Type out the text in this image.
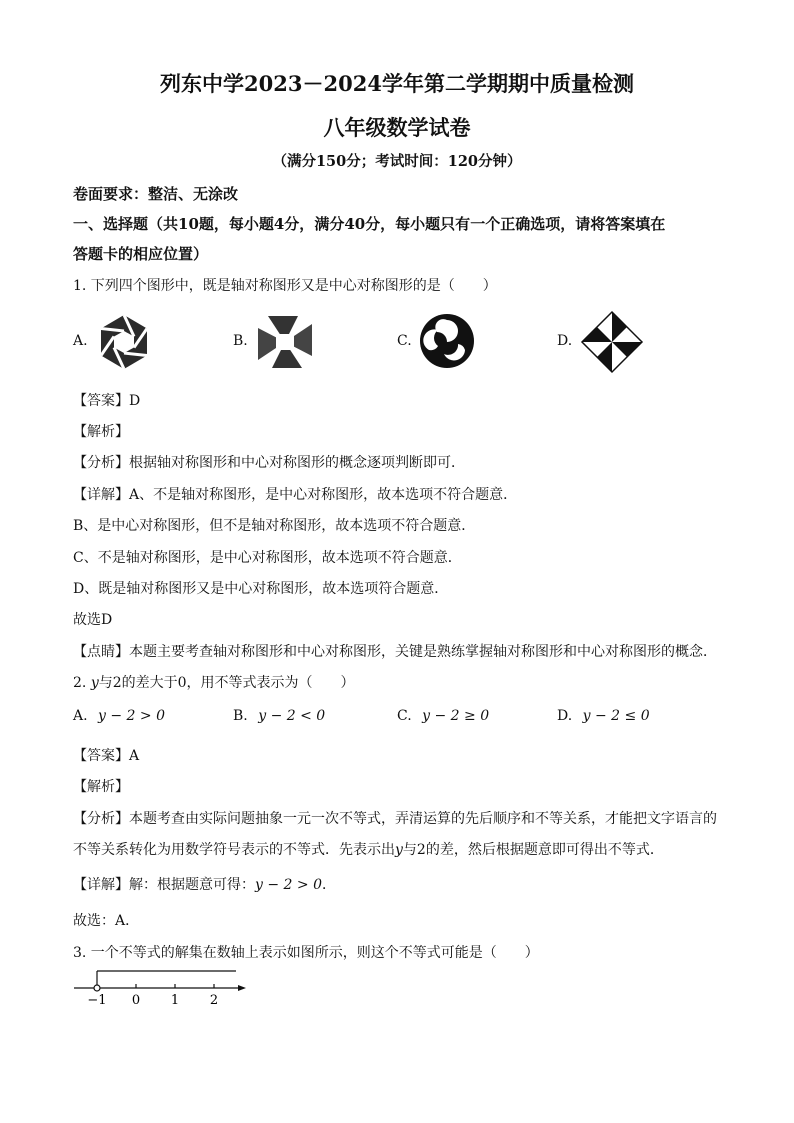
列东中学2023－2024学年第二学期期中质量检测
八年级数学试卷
（满分150分；考试时间：120分钟）
卷面要求：整洁、无涂改
一、选择题（共10题，每小题4分，满分40分，每小题只有一个正确选项，请将答案填在
答题卡的相应位置）
1. 下列四个图形中，既是轴对称图形又是中心对称图形的是（　　）
A.	B.	C.	D.
【答案】D
【解析】
【分析】根据轴对称图形和中心对称图形的概念逐项判断即可．
【详解】A、不是轴对称图形，是中心对称图形，故本选项不符合题意．
B、是中心对称图形，但不是轴对称图形，故本选项不符合题意．
C、不是轴对称图形，是中心对称图形，故本选项不符合题意．
D、既是轴对称图形又是中心对称图形，故本选项符合题意．
故选D
【点睛】本题主要考查轴对称图形和中心对称图形，关键是熟练掌握轴对称图形和中心对称图形的概念．
2. y与2的差大于0，用不等式表示为（　　）
A. y − 2 > 0	B. y − 2 < 0	C. y − 2 ≥ 0	D. y − 2 ≤ 0
【答案】A
【解析】
【分析】本题考查由实际问题抽象一元一次不等式，弄清运算的先后顺序和不等关系，才能把文字语言的
不等关系转化为用数学符号表示的不等式．先表示出y与2的差，然后根据题意即可得出不等式．
【详解】解：根据题意可得：y − 2 > 0．
故选：A．
3. 一个不等式的解集在数轴上表示如图所示，则这个不等式可能是（　　）
−1 0 1 2
